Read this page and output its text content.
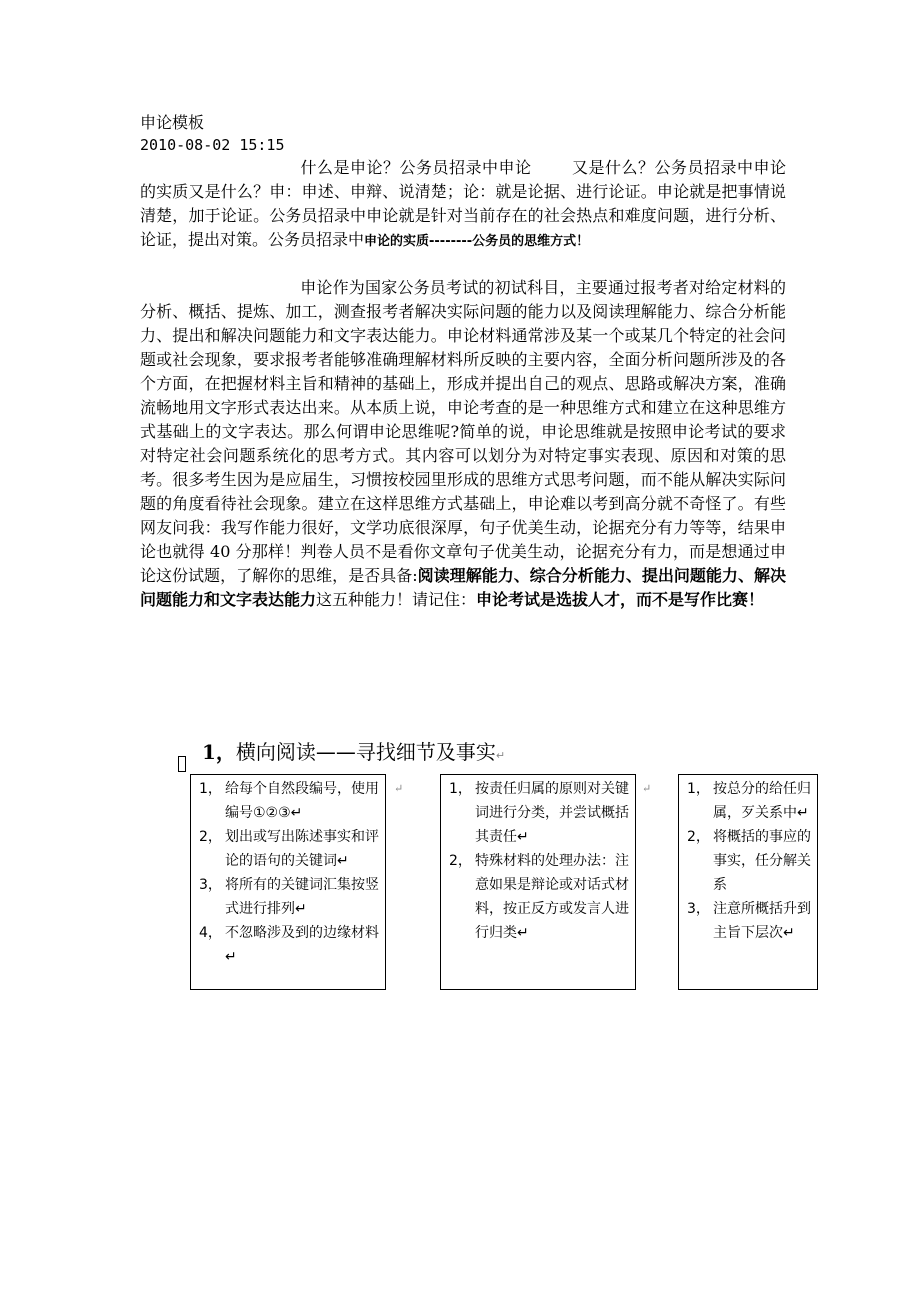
申论模板
2010-08-02 15:15

什么是申论？公务员招录中申论	又是什么？公务员招录中申论的实质又是什么？申：申述、申辩、说清楚；论：就是论据、进行论证。申论就是把事情说清楚，加于论证。公务员招录中申论就是针对当前存在的社会热点和难度问题，进行分析、论证，提出对策。公务员招录中申论的实质--------公务员的思维方式！

申论作为国家公务员考试的初试科目，主要通过报考者对给定材料的分析、概括、提炼、加工，测查报考者解决实际问题的能力以及阅读理解能力、综合分析能力、提出和解决问题能力和文字表达能力。申论材料通常涉及某一个或某几个特定的社会问题或社会现象，要求报考者能够准确理解材料所反映的主要内容，全面分析问题所涉及的各个方面，在把握材料主旨和精神的基础上，形成并提出自己的观点、思路或解决方案，准确流畅地用文字形式表达出来。从本质上说，申论考查的是一种思维方式和建立在这种思维方式基础上的文字表达。那么何谓申论思维呢?简单的说，申论思维就是按照申论考试的要求对特定社会问题系统化的思考方式。其内容可以划分为对特定事实表现、原因和对策的思考。很多考生因为是应届生，习惯按校园里形成的思维方式思考问题，而不能从解决实际问题的角度看待社会现象。建立在这样思维方式基础上，申论难以考到高分就不奇怪了。有些网友问我：我写作能力很好，文学功底很深厚，句子优美生动，论据充分有力等等，结果申论也就得 40 分那样！判卷人员不是看你文章句子优美生动，论据充分有力，而是想通过申论这份试题，了解你的思维，是否具备:阅读理解能力、综合分析能力、提出问题能力、解决问题能力和文字表达能力这五种能力！请记住：申论考试是选拔人才，而不是写作比赛！

1，横向阅读——寻找细节及事实↵
1， 给每个自然段编号，使用编号①②③↵
2， 划出或写出陈述事实和评论的语句的关键词↵
3， 将所有的关键词汇集按竖式进行排列↵
4， 不忽略涉及到的边缘材料↵
↵	1， 按责任归属的原则对关键词进行分类，并尝试概括其责任↵
2， 特殊材料的处理办法：注意如果是辩论或对话式材料，按正反方或发言人进行归类↵
↵	1， 按总分的给任归属，歹关系中↵
2， 将概括的事应的事实，任分解关系
3， 注意所概括升到主旨下层次↵
